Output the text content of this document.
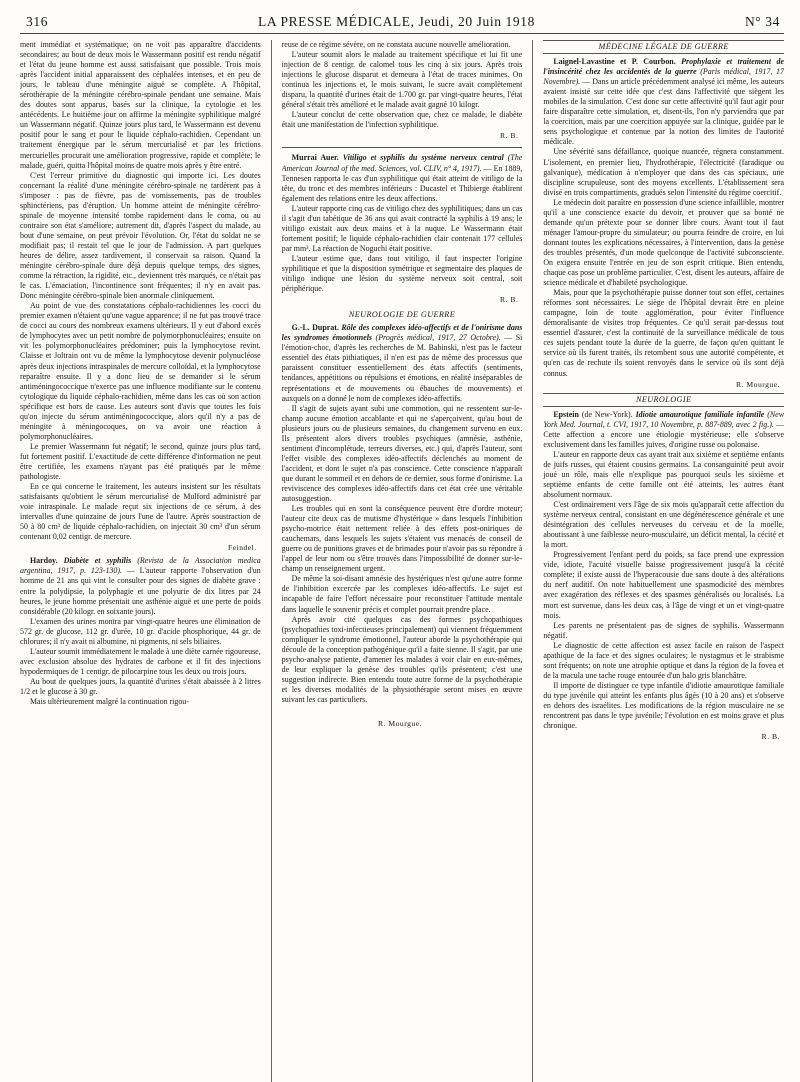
316	LA PRESSE MÉDICALE, Jeudi, 20 Juin 1918	N° 34

ment immédiat et systématique; on ne voit pas apparaître d'accidents secondaires; au bout de deux mois le Wassermann positif est rendu négatif et l'état du jeune homme est aussi satisfaisant que possible. Trois mois après l'accident initial apparaissent des céphalées intenses, et en peu de jours, le tableau d'une méningite aiguë se complète. A l'hôpital, sérothérapie de la méningite cérébro-spinale pendant une semaine. Mais des doutes sont apparus, basés sur la clinique, la cytologie et les antécédents. Le huitième jour on affirme la méningite syphilitique malgré un Wassermann négatif. Quinze jours plus tard, le Wassermann est devenu positif pour le sang et pour le liquide céphalo-rachidien. Cependant un traitement énergique par le sérum mercurialisé et par les frictions mercurielles procurait une amélioration progressive, rapide et complète; le malade, guéri, quitta l'hôpital moins de quatre mois après y être entré.

C'est l'erreur primitive du diagnostic qui importe ici. Les doutes concernant la réalité d'une méningite cérébro-spinale ne tardèrent pas à s'imposer : pas de fièvre, pas de vomissements, pas de troubles sphinctériens, pas d'éruption. Un homme atteint de méningite cérébro-spinale de moyenne intensité tombe rapidement dans le coma, ou au contraire son état s'améliore; autrement dit, d'après l'aspect du malade, au bout d'une semaine, on peut prévoir l'évolution. Or, l'état du soldat ne se modifiait pas; il restait tel que le jour de l'admission. A part quelques heures de délire, assez tardivement, il conservait sa raison. Quand la méningite cérébro-spinale dure déjà depuis quelque temps, des signes, comme la rétraction, la rigidité, etc., deviennent très marqués, ce n'était pas le cas. L'émaciation, l'incontinence sont fréquentes; il n'y en avait pas. Donc méningite cérébro-spinale bien anormale cliniquement.

Au point de vue des constatations céphalo-rachidiennes les cocci du premier examen n'étaient qu'une vague apparence; il ne fut pas trouvé trace de cocci au cours des nombreux examens ultérieurs. Il y eut d'abord excès de lymphocytes avec un petit nombre de polymorphonucléaires; ensuite on vit les polymorphonucléaires prédominer; puis la lymphocytose revint. Claisse et Joltrain ont vu de même la lymphocytose devenir polynucléose après deux injections intraspinales de mercure colloïdal, et la lymphocytose reparaître ensuite. Il y a donc lieu de se demander si le sérum antiméningococcique n'exerce pas une influence modifiante sur le contenu cytologique du liquide céphalo-rachidien, même dans les cas où son action spécifique est hors de cause. Les auteurs sont d'avis que toutes les fois qu'on injecte du sérum antiméningococcique, alors qu'il n'y a pas de méningite à méningocoques, on va avoir une réaction à polymorphonucléaires.

Le premier Wassermann fut négatif; le second, quinze jours plus tard, fut fortement positif. L'exactitude de cette différence d'information ne peut être certifiée, les examens n'ayant pas été pratiqués par le même pathologiste.

En ce qui concerne le traitement, les auteurs insistent sur les résultats satisfaisants qu'obtient le sérum mercurialisé de Mulford administré par voie intraspinale. Le malade reçut six injections de ce sérum, à des intervalles d'une quinzaine de jours l'une de l'autre. Après soustraction de 50 à 80 cm³ de liquide céphalo-rachidien, on injectait 30 cm³ d'un sérum contenant 0,02 centigr. de mercure.

Feindel.

Hardoy. Diabète et syphilis (Revista de la Association medica argentina, 1917, p. 123-130). — L'auteur rapporte l'observation d'un homme de 21 ans qui vint le consulter pour des signes de diabète grave : entre la polydipsie, la polyphagie et une polyurie de dix litres par 24 heures, le jeune homme présentait une asthénie aiguë et une perte de poids considérable (20 kilogr. en soixante jours).

L'examen des urines montra par vingt-quatre heures une élimination de 572 gr. de glucose, 112 gr. d'urée, 10 gr. d'acide phosphorique, 44 gr. de chlorures; il n'y avait ni albumine, ni pigments, ni sels biliaires.

L'auteur soumit immédiatement le malade à une diète carnée rigoureuse, avec exclusion absolue des hydrates de carbone et il fit des injections hypodermiques de 1 centigr. de pilocarpine tous les deux ou trois jours.

Au bout de quelques jours, la quantité d'urines s'était abaissée à 2 litres 1/2 et le glucose à 30 gr.

Mais ultérieurement malgré la continuation rigou-

reuse de ce régime sévère, on ne constata aucune nouvelle amélioration.

L'auteur soumit alors le malade au traitement spécifique et lui fit une injection de 8 centigr. de calomel tous les cinq à six jours. Après trois injections le glucose disparut et demeura à l'état de traces minimes. On continua les injections et, le mois suivant, le sucre avait complètement disparu, la quantité d'urines était de 1.700 gr. par vingt-quatre heures, l'état général s'était très amélioré et le malade avait gagné 10 kilogr.

L'auteur conclut de cette observation que, chez ce malade, le diabète était une manifestation de l'infection syphilitique.

R. B.

Murrai Auer. Vitiligo et syphilis du système nerveux central (The American Journal of the med. Sciences, vol. CLIV, n° 4, 1917). — En 1889, Tennesen rapporta le cas d'un syphilitique qui était atteint de vitiligo de la tête, du tronc et des membres inférieurs : Ducastel et Thibierge établirent également des relations entre les deux affections.

L'auteur rapporte cinq cas de vitiligo chez des syphilitiques; dans un cas il s'agit d'un tabétique de 36 ans qui avait contracté la syphilis à 19 ans; le vitiligo existait aux deux mains et à la nuque. Le Wassermann était fortement positif; le liquide céphalo-rachidien clair contenait 177 cellules par mm³. La réaction de Noguchi était positive.

L'auteur estime que, dans tout vitiligo, il faut inspecter l'origine syphilitique et que la disposition symétrique et segmentaire des plaques de vitiligo indique une lésion du système nerveux soit central, soit périphérique.

R. B.
NEUROLOGIE DE GUERRE

G.-L. Duprat. Rôle des complexes idéo-affectifs et de l'onirisme dans les syndromes émotionnels (Progrès médical, 1917, 27 Octobre). — Si l'émotion-choc, d'après les recherches de M. Babinski, n'est pas le facteur essentiel des états pithiatiques, il n'en est pas de même des processus que paraissent constituer essentiellement des états affectifs (sentiments, tendances, appétitions ou répulsions et émotions, en réalité inséparables de représentations et de mouvements ou ébauches de mouvements) et auxquels on a donné le nom de complexes idéo-affectifs.

Il s'agit de sujets ayant subi une commotion, qui ne ressentent sur-le-champ aucune émotion accablante et qui ne s'aperçoivent, qu'au bout de plusieurs jours ou de plusieurs semaines, du changement survenu en eux. Ils présentent alors divers troubles psychiques (amnésie, asthénie, sentiment d'incomplétude, terreurs diverses, etc.) qui, d'après l'auteur, sont l'effet visible des complexes idéo-affectifs déclenchés au moment de l'accident, et dont le sujet n'a pas conscience. Cette conscience n'apparaît que durant le sommeil et en dehors de ce dernier, sous forme d'onirisme. La reviviscence des complexes idéo-affectifs dans cet état crée une véritable autosuggestion.

Les troubles qui en sont la conséquence peuvent être d'ordre moteur; l'auteur cite deux cas de mutisme d'hystérique » dans lesquels l'inhibition psycho-motrice était nettement reliée à des effets post-oniriques de cauchemars, dans lesquels les sujets s'étaient vus menacés de conseil de guerre ou de punitions graves et de brimades pour n'avoir pas su répondre à l'appel de leur nom ou s'être trouvés dans l'impossibilité de donner sur-le-champ un renseignement urgent.

De même la soi-disant amnésie des hystériques n'est qu'une autre forme de l'inhibition excercée par les complexes idéo-affectifs. Le sujet est incapable de faire l'effort nécessaire pour reconstituer l'attitude mentale dans laquelle le souvenir précis et complet pourrait prendre place.

Après avoir cité quelques cas des formes psychopathiques (psychopathies toxi-infectieuses principalement) qui viennent fréquemment compliquer le syndrome émotionnel, l'auteur aborde la psychothérapie qui découle de la conception pathogénique qu'il a faite sienne. Il s'agit, par une psycho-analyse patiente, d'amener les malades à voir clair en eux-mêmes, de leur expliquer la genèse des troubles qu'ils présentent; c'est une suggestion indirecte. Bien entendu toute autre forme de la psychothérapie et les diverses modalités de la physiothérapie seront mises en œuvre suivant les cas particuliers.

R. Mourgue.
MÉDECINE LÉGALE DE GUERRE

Laignel-Lavastine et P. Courbon. Prophylaxie et traitement de l'insincérité chez les accidentés de la guerre (Paris médical, 1917, 17 Novembre). — Dans un article précédemment analysé ici même, les auteurs avaient insisté sur cette idée que c'est dans l'affectivité que siègent les mobiles de la simulation. C'est donc sur cette affectivité qu'il faut agir pour faire disparaître cette simulation, et, disent-ils, l'on n'y parviendra que par la coercition, mais par une coercition appuyée sur la clinique, guidée par le sens psychologique et contenue par la notion des limites de l'autorité médicale.

Une sévérité sans défaillance, quoique nuancée, régnera constamment. L'isolement, en premier lieu, l'hydrothérapie, l'électricité (faradique ou galvanique), médication à n'employer que dans des cas spéciaux, une discipline scrupuleuse, sont des moyens excellents. L'établissement sera divisé en trois compartiments, gradués selon l'intensité du régime coercitif.

Le médecin doit paraître en possession d'une science infaillible, montrer qu'il a une conscience exacte du devoir, et prouver que sa bonté ne demande qu'un prétexte pour se donner libre cours. Avant tout il faut ménager l'amour-propre du simulateur; ou pourra feindre de croire, en lui donnant toutes les explications nécessaires, à l'intervention, dans la genèse des troubles présentés, d'un mode quelconque de l'activité subconsciente. On exigera ensuite l'entrée en jeu de son esprit critique. Bien entendu, chaque cas pose un problème particulier. C'est, disent les auteurs, affaire de science médicale et d'habileté psychologique.

Mais, pour que la psychothérapie puisse donner tout son effet, certaines réformes sont nécessaires. Le siège de l'hôpital devrait être en pleine campagne, loin de toute agglomération, pour éviter l'influence démoralisante de visites trop fréquentes. Ce qu'il serait par-dessus tout essentiel d'assurer, c'est la continuité de la surveillance médicale de tous ces sujets pendant toute la durée de la guerre, de façon qu'en quittant le service où ils furent traités, ils retombent sous une autorité compétente, et qu'en cas de rechute ils soient renvoyés dans le service où ils sont déjà connus.

R. Mourgue.
NEUROLOGIE

Epstein (de New-York). Idiotie amaurotique familiale infantile (New York Med. Journal, t. CVI, 1917, 10 Novembre, p. 887-889, avec 2 fig.). — Cette affection a encore une étiologie mystérieuse; elle s'observe exclusivement dans les familles juives, d'origine russe ou polonaise.

L'auteur en rapporte deux cas ayant trait aux sixième et septième enfants de juifs russes, qui étaient cousins germains. La consanguinité peut avoir joué un rôle, mais elle n'explique pas pourquoi seuls les sixième et septième enfants de cette famille ont été atteints, les autres étant absolument normaux.

C'est ordinairement vers l'âge de six mois qu'apparaît cette affection du système nerveux central, consistant en une dégénérescence générale et une désintégration des cellules nerveuses du cerveau et de la moelle, aboutissant à une faiblesse neuro-musculaire, un déficit mental, la cécité et la mort.

Progressivement l'enfant perd du poids, sa face prend une expression vide, idiote, l'acuité visuelle baisse progressivement jusqu'à la cécité complète; il existe aussi de l'hyperacousie due sans doute à des altérations du nerf auditif. On note habituellement une spasmodicité des membres avec exagération des réflexes et des spasmes généralisés ou localisés. La mort est survenue, dans les deux cas, à l'âge de vingt et un et vingt-quatre mois.

Les parents ne présentaient pas de signes de syphilis. Wassermann négatif.

Le diagnostic de cette affection est assez facile en raison de l'aspect apathique de la face et des signes oculaires; le nystagmus et le strabisme sont fréquents; on note une atrophie optique et dans la région de la fovea et de la macula une tache rouge entourée d'un halo gris blanchâtre.

Il importe de distinguer ce type infantile d'idiotie amaurotique familiale du type juvénile qui atteint les enfants plus âgés (10 à 20 ans) et s'observe en dehors des israélites. Les modifications de la région musculaire ne se rencontrent pas dans le type juvénile; l'évolution en est moins grave et plus chronique.

R. B.
